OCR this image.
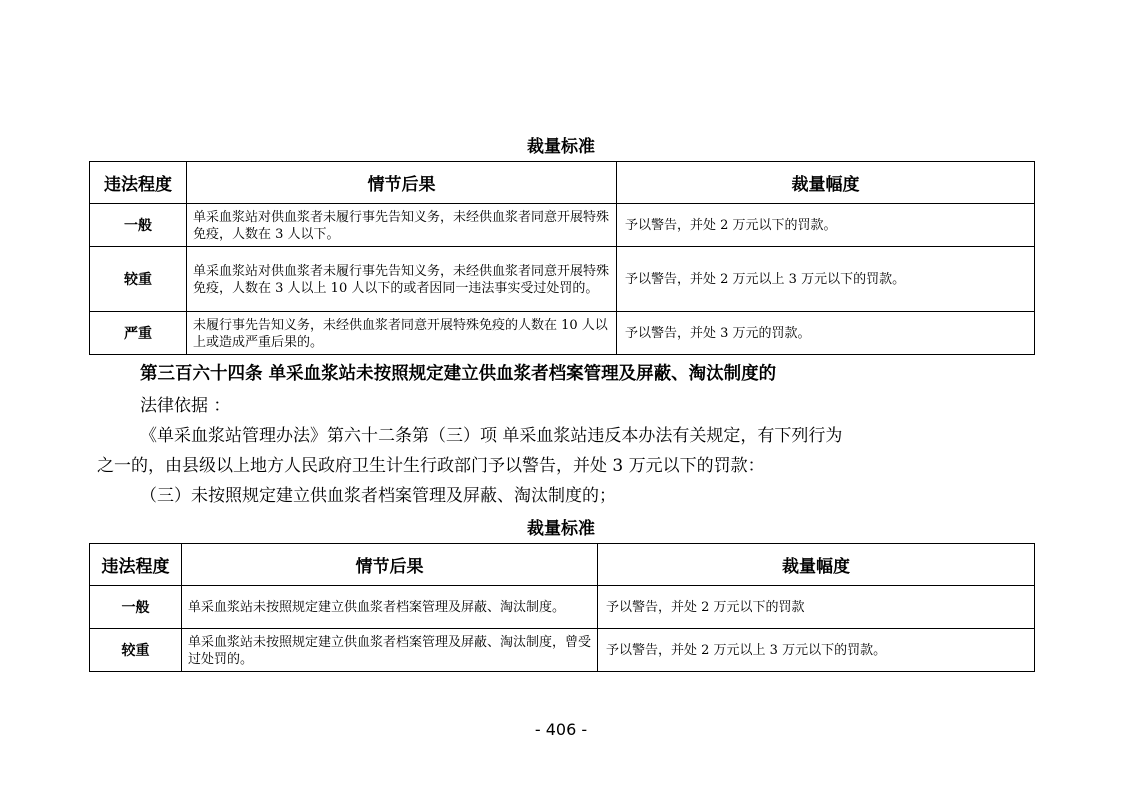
裁量标准
违法程度	情节后果	裁量幅度
一般	单采血浆站对供血浆者未履行事先告知义务，未经供血浆者同意开展特殊免疫，人数在 3 人以下。	予以警告，并处 2 万元以下的罚款。
较重	单采血浆站对供血浆者未履行事先告知义务，未经供血浆者同意开展特殊免疫，人数在 3 人以上 10 人以下的或者因同一违法事实受过处罚的。	予以警告，并处 2 万元以上 3 万元以下的罚款。
严重	未履行事先告知义务，未经供血浆者同意开展特殊免疫的人数在 10 人以上或造成严重后果的。	予以警告，并处 3 万元的罚款。
第三百六十四条 单采血浆站未按照规定建立供血浆者档案管理及屏蔽、淘汰制度的
法律依据 ：
《单采血浆站管理办法》第六十二条第（三）项 单采血浆站违反本办法有关规定，有下列行为
之一的，由县级以上地方人民政府卫生计生行政部门予以警告，并处 3 万元以下的罚款：
（三）未按照规定建立供血浆者档案管理及屏蔽、淘汰制度的；
裁量标准
违法程度	情节后果	裁量幅度
一般	单采血浆站未按照规定建立供血浆者档案管理及屏蔽、淘汰制度。	予以警告，并处 2 万元以下的罚款
较重	单采血浆站未按照规定建立供血浆者档案管理及屏蔽、淘汰制度，曾受过处罚的。	予以警告，并处 2 万元以上 3 万元以下的罚款。
- 406 -
